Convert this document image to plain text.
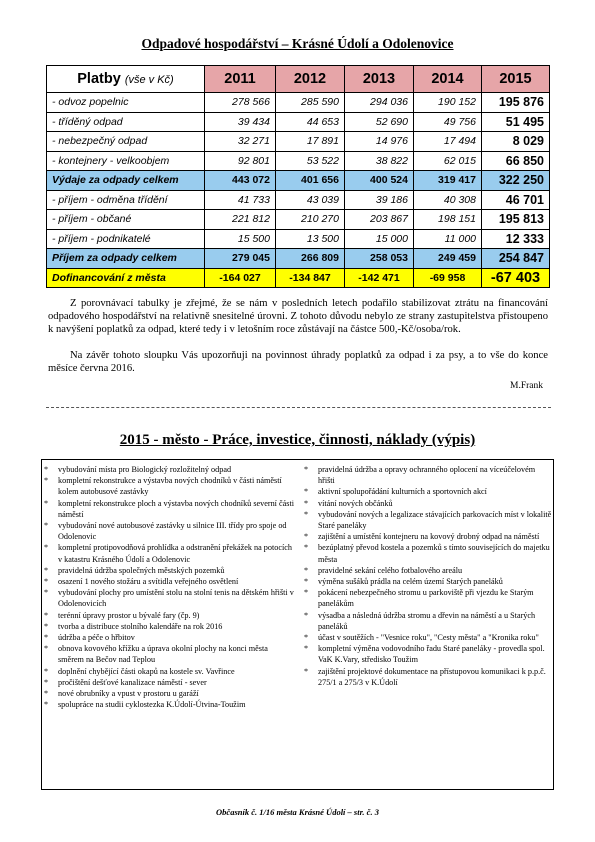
Odpadové hospodářství – Krásné Údolí a Odolenovice
Platby (vše v Kč)	2011	2012	2013	2014	2015
- odvoz popelnic	278 566	285 590	294 036	190 152	195 876
- tříděný odpad	39 434	44 653	52 690	49 756	51 495
- nebezpečný odpad	32 271	17 891	14 976	17 494	8 029
- kontejnery - velkoobjem	92 801	53 522	38 822	62 015	66 850
Výdaje za odpady celkem	443 072	401 656	400 524	319 417	322 250
- příjem - odměna třídění	41 733	43 039	39 186	40 308	46 701
- příjem - občané	221 812	210 270	203 867	198 151	195 813
- příjem - podnikatelé	15 500	13 500	15 000	11 000	12 333
Příjem za odpady celkem	279 045	266 809	258 053	249 459	254 847
Dofinancování z města	-164 027	-134 847	-142 471	-69 958	-67 403
Z porovnávací tabulky je zřejmé, že se nám v posledních letech podařilo stabilizovat ztrátu na financování odpadového hospodářství na relativně snesitelné úrovni. Z tohoto důvodu nebylo ze strany zastupitelstva přistoupeno k navýšení poplatků za odpad, které tedy i v letošním roce zůstávají na částce 500,-Kč/osoba/rok.
Na závěr tohoto sloupku Vás upozorňuji na povinnost úhrady poplatků za odpad i za psy, a to vše do konce měsíce června 2016.
M.Frank
2015 - město - Práce, investice, činnosti, náklady (výpis)
* vybudování místa pro Biologický rozložitelný odpad
* kompletní rekonstrukce a výstavba nových chodníků v části náměstí kolem autobusové zastávky
* kompletní rekonstrukce ploch a výstavba nových chodníků severní části náměstí
* vybudování nové autobusové zastávky u silnice III. třídy pro spoje od Odolenovic
* kompletní protipovodňová prohlídka a odstranění překážek na potocích v katastru Krásného Údolí a Odolenovic
* pravidelná údržba společných městských pozemků
* osazení 1 nového stožáru a svítidla veřejného osvětlení
* vybudování plochy pro umístění stolu na stolní tenis na dětském hřišti v Odolenovicích
* terénní úpravy prostor u bývalé fary (čp. 9)
* tvorba a distribuce stolního kalendáře na rok 2016
* údržba a péče o hřbitov
* obnova kovového křížku a úprava okolní plochy na konci města směrem na Bečov nad Teplou
* doplnění chybějící části okapů na kostele sv. Vavřince
* pročištění dešťové kanalizace náměstí - sever
* nové obrubníky a vpust v prostoru u garáží
* spolupráce na studii cyklostezka K.Údolí-Útvina-Toužim
* pravidelná údržba a opravy ochranného oplocení na víceúčelovém hřišti
* aktivní spolupořádání kulturních a sportovních akcí
* vítání nových občánků
* vybudování nových a legalizace stávajících parkovacích míst v lokalitě Staré paneláky
* zajištění a umístění kontejneru na kovový drobný odpad na náměstí
* bezúplatný převod kostela a pozemků s tímto souvisejících do majetku města
* pravidelné sekání celého fotbalového areálu
* výměna sušáků prádla na celém území Starých paneláků
* pokácení nebezpečného stromu u parkoviště při vjezdu ke Starým panelákům
* výsadba a následná údržba stromu a dřevin na náměstí a u Starých paneláků
* účast v soutěžích - "Vesnice roku", "Cesty města" a "Kronika roku"
* kompletní výměna vodovodního řadu Staré paneláky - provedla spol. VaK K.Vary, středisko Toužim
* zajištění projektové dokumentace na přístupovou komunikaci k p.p.č. 275/1 a 275/3 v K.Údolí
Občasník č. 1/16 města Krásné Údolí – str. č. 3
